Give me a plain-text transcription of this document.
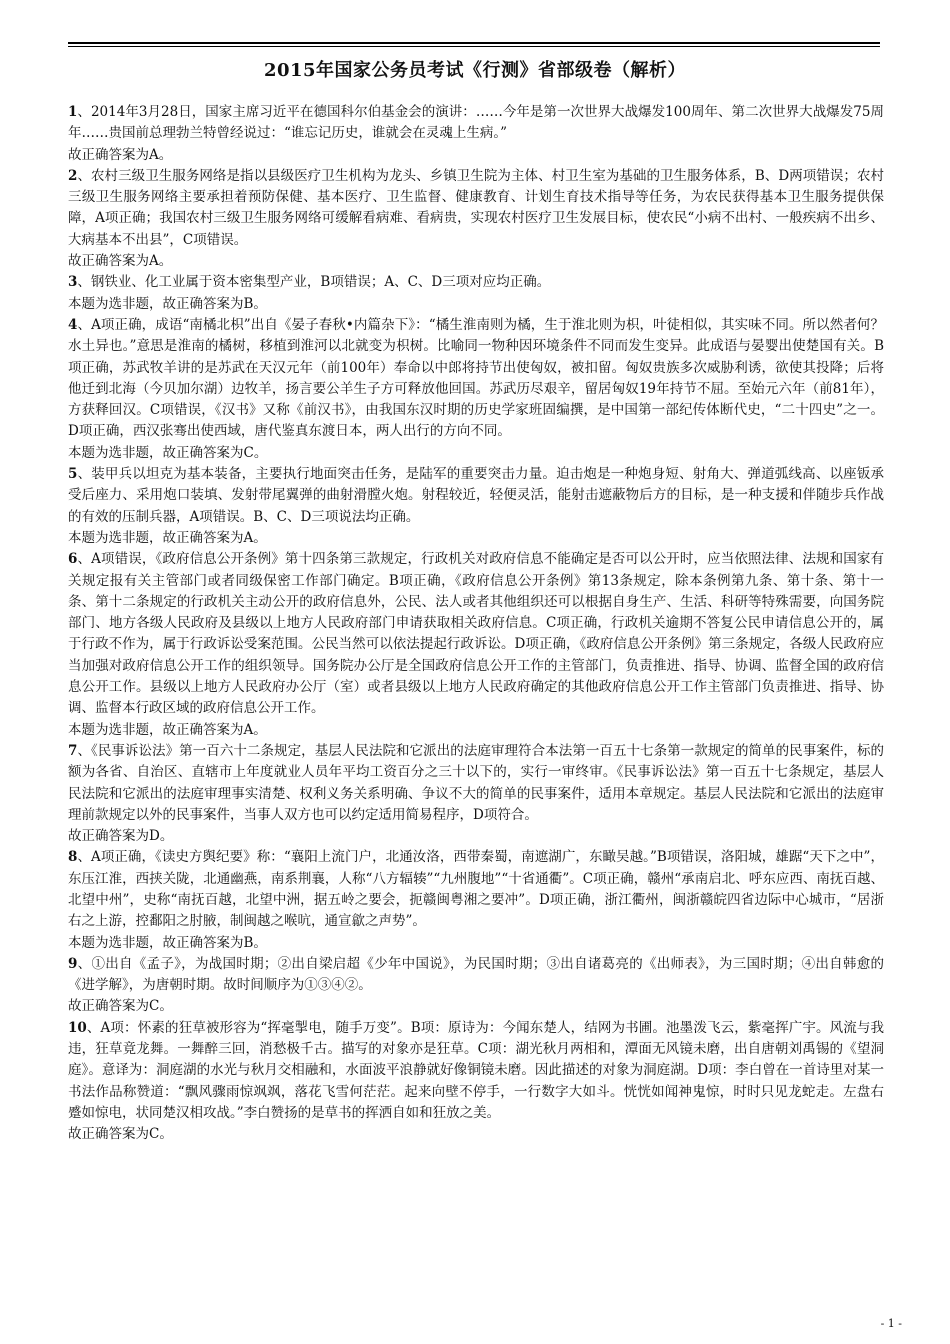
2015年国家公务员考试《行测》省部级卷（解析）

1、2014年3月28日，国家主席习近平在德国科尔伯基金会的演讲：……今年是第一次世界大战爆发100周年、第二次世界大战爆发75周年……贵国前总理勃兰特曾经说过：“谁忘记历史，谁就会在灵魂上生病。”

故正确答案为A。

2、农村三级卫生服务网络是指以县级医疗卫生机构为龙头、乡镇卫生院为主体、村卫生室为基础的卫生服务体系，B、D两项错误；农村三级卫生服务网络主要承担着预防保健、基本医疗、卫生监督、健康教育、计划生育技术指导等任务，为农民获得基本卫生服务提供保障，A项正确；我国农村三级卫生服务网络可缓解看病难、看病贵，实现农村医疗卫生发展目标，使农民“小病不出村、一般疾病不出乡、大病基本不出县”，C项错误。

故正确答案为A。

3、钢铁业、化工业属于资本密集型产业，B项错误；A、C、D三项对应均正确。

本题为选非题，故正确答案为B。

4、A项正确，成语“南橘北枳”出自《晏子春秋•内篇杂下》：“橘生淮南则为橘，生于淮北则为枳，叶徒相似，其实味不同。所以然者何？水土异也。”意思是淮南的橘树，移植到淮河以北就变为枳树。比喻同一物种因环境条件不同而发生变异。此成语与晏婴出使楚国有关。B项正确，苏武牧羊讲的是苏武在天汉元年（前100年）奉命以中郎将持节出使匈奴，被扣留。匈奴贵族多次威胁利诱，欲使其投降；后将他迁到北海（今贝加尔湖）边牧羊，扬言要公羊生子方可释放他回国。苏武历尽艰辛，留居匈奴19年持节不屈。至始元六年（前81年），方获释回汉。C项错误，《汉书》又称《前汉书》，由我国东汉时期的历史学家班固编撰，是中国第一部纪传体断代史，“二十四史”之一。D项正确，西汉张骞出使西域，唐代鉴真东渡日本，两人出行的方向不同。

本题为选非题，故正确答案为C。

5、装甲兵以坦克为基本装备，主要执行地面突击任务，是陆军的重要突击力量。迫击炮是一种炮身短、射角大、弹道弧线高、以座钣承受后座力、采用炮口装填、发射带尾翼弹的曲射滑膛火炮。射程较近，轻便灵活，能射击遮蔽物后方的目标，是一种支援和伴随步兵作战的有效的压制兵器，A项错误。B、C、D三项说法均正确。

本题为选非题，故正确答案为A。

6、A项错误，《政府信息公开条例》第十四条第三款规定，行政机关对政府信息不能确定是否可以公开时，应当依照法律、法规和国家有关规定报有关主管部门或者同级保密工作部门确定。B项正确，《政府信息公开条例》第13条规定，除本条例第九条、第十条、第十一条、第十二条规定的行政机关主动公开的政府信息外，公民、法人或者其他组织还可以根据自身生产、生活、科研等特殊需要，向国务院部门、地方各级人民政府及县级以上地方人民政府部门申请获取相关政府信息。C项正确，行政机关逾期不答复公民申请信息公开的，属于行政不作为，属于行政诉讼受案范围。公民当然可以依法提起行政诉讼。D项正确，《政府信息公开条例》第三条规定，各级人民政府应当加强对政府信息公开工作的组织领导。国务院办公厅是全国政府信息公开工作的主管部门，负责推进、指导、协调、监督全国的政府信息公开工作。县级以上地方人民政府办公厅（室）或者县级以上地方人民政府确定的其他政府信息公开工作主管部门负责推进、指导、协调、监督本行政区域的政府信息公开工作。

本题为选非题，故正确答案为A。

7、《民事诉讼法》第一百六十二条规定，基层人民法院和它派出的法庭审理符合本法第一百五十七条第一款规定的简单的民事案件，标的额为各省、自治区、直辖市上年度就业人员年平均工资百分之三十以下的，实行一审终审。《民事诉讼法》第一百五十七条规定，基层人民法院和它派出的法庭审理事实清楚、权利义务关系明确、争议不大的简单的民事案件，适用本章规定。基层人民法院和它派出的法庭审理前款规定以外的民事案件，当事人双方也可以约定适用简易程序，D项符合。

故正确答案为D。

8、A项正确，《读史方舆纪要》称：“襄阳上流门户，北通汝洛，西带秦蜀，南遮湖广，东瞰吴越。”B项错误，洛阳城，雄踞“天下之中”，东压江淮，西挟关陇，北通幽燕，南系荆襄，人称“八方辐辏”“九州腹地”“十省通衢”。C项正确，赣州“承南启北、呼东应西、南抚百越、北望中州”，史称“南抚百越，北望中洲，据五岭之要会，扼赣闽粤湘之要冲”。D项正确，浙江衢州，闽浙赣皖四省边际中心城市，“居浙右之上游，控鄱阳之肘腋，制闽越之喉吭，通宣歙之声势”。

本题为选非题，故正确答案为B。

9、①出自《孟子》，为战国时期；②出自梁启超《少年中国说》，为民国时期；③出自诸葛亮的《出师表》，为三国时期；④出自韩愈的《进学解》，为唐朝时期。故时间顺序为①③④②。

故正确答案为C。

10、A项：怀素的狂草被形容为“挥毫掣电，随手万变”。B项：原诗为：今闻东楚人，结网为书圃。池墨泼飞云，紫毫挥广宇。风流与我违，狂草竟龙舞。一舞醉三回，消愁极千古。描写的对象亦是狂草。C项：湖光秋月两相和，潭面无风镜未磨，出自唐朝刘禹锡的《望洞庭》。意译为：洞庭湖的水光与秋月交相融和，水面波平浪静就好像铜镜未磨。因此描述的对象为洞庭湖。D项：李白曾在一首诗里对某一书法作品称赞道：“飘风骤雨惊飒飒，落花飞雪何茫茫。起来向壁不停手，一行数字大如斗。恍恍如闻神鬼惊，时时只见龙蛇走。左盘右蹙如惊电，状同楚汉相攻战。”李白赞扬的是草书的挥洒自如和狂放之美。

故正确答案为C。

- 1 -
